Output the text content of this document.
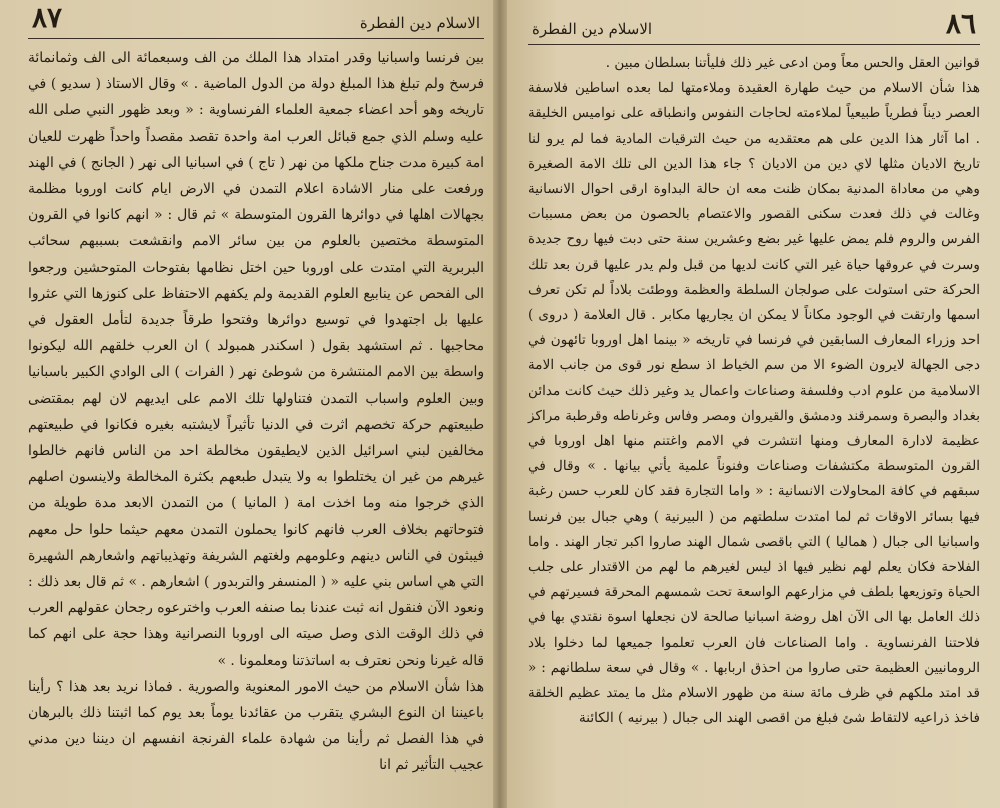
الاسلام دين الفطرة
٨٧

بين فرنسا واسبانيا وقدر امتداد هذا الملك من الف وسبعمائة الى الف وثمانمائة فرسخ ولم تبلغ هذا المبلغ دولة من الدول الماضية . » وقال الاستاذ ( سديو ) في تاريخه وهو أحد اعضاء جمعية العلماء الفرنساوية : « وبعد ظهور النبي صلى الله عليه وسلم الذي جمع قبائل العرب امة واحدة تقصد مقصداً واحداً ظهرت للعيان امة كبيرة مدت جناح ملكها من نهر ( تاج ) في اسبانيا الى نهر ( الجانج ) في الهند ورفعت على منار الاشادة اعلام التمدن في الارض ايام كانت اوروبا مظلمة بجهالات اهلها في دوائرها القرون المتوسطة » ثم قال : « انهم كانوا في القرون المتوسطة مختصين بالعلوم من بين سائر الامم وانقشعت بسببهم سحائب البربرية التي امتدت على اوروبا حين اختل نظامها بفتوحات المتوحشين ورجعوا الى الفحص عن ينابيع العلوم القديمة ولم يكفهم الاحتفاظ على كنوزها التي عثروا عليها بل اجتهدوا في توسيع دوائرها وفتحوا طرقاً جديدة لتأمل العقول في محاجبها . ثم استشهد بقول ( اسكندر همبولد ) ان العرب خلقهم الله ليكونوا واسطة بين الامم المنتشرة من شوطئ نهر ( الفرات ) الى الوادي الكبير باسبانيا وبين العلوم واسباب التمدن فتناولها تلك الامم على ايديهم لان لهم بمقتضى طبيعتهم حركة تخصهم اثرت في الدنيا تأثيراً لايشتبه بغيره فكانوا في طبيعتهم مخالفين لبني اسرائيل الذين لايطيقون مخالطة احد من الناس فانهم خالطوا غيرهم من غير ان يختلطوا به ولا يتبدل طبعهم بكثرة المخالطة ولاينسون اصلهم الذي خرجوا منه وما اخذت امة ( المانيا ) من التمدن الابعد مدة طويلة من فتوحاتهم بخلاف العرب فانهم كانوا يحملون التمدن معهم حيثما حلوا حل معهم فيبثون في الناس دينهم وعلومهم ولغتهم الشريفة وتهذيباتهم واشعارهم الشهيرة التي هي اساس بني عليه « ( المنسفر والتربدور ) اشعارهم . » ثم قال بعد ذلك : ونعود الآن فنقول انه ثبت عندنا بما صنفه العرب واخترعوه رجحان عقولهم العرب في ذلك الوقت الذى وصل صيته الى اوروبا النصرانية وهذا حجة على انهم كما قاله غيرنا ونحن نعترف به اساتذتنا ومعلمونا . »

هذا شأن الاسلام من حيث الامور المعنوية والصورية . فماذا نريد بعد هذا ؟ رأينا باعيننا ان النوع البشري يتقرب من عقائدنا يوماً بعد يوم كما اثبتنا ذلك بالبرهان في هذا الفصل ثم رأينا من شهادة علماء الفرنجة انفسهم ان ديننا دين مدني عجيب التأثير ثم انا

٨٦
الاسلام دين الفطرة

قوانين العقل والحس معاً ومن ادعى غير ذلك فليأتنا بسلطان مبين .

هذا شأن الاسلام من حيث طهارة العقيدة وملاءمتها لما بعده اساطين فلاسفة العصر ديناً فطرياً طبيعياً لملاءمته لحاجات النفوس وانطباقه على نواميس الخليقة . اما آثار هذا الدين على هم معتقديه من حيث الترقيات المادية فما لم يرو لنا تاريخ الاديان مثلها لاي دين من الاديان ؟ جاء هذا الدين الى تلك الامة الصغيرة وهي من معاداة المدنية بمكان ظنت معه ان حالة البداوة ارقى احوال الانسانية وغالت في ذلك فعدت سكنى القصور والاعتصام بالحصون من بعض مسببات الفرس والروم فلم يمض عليها غير بضع وعشرين سنة حتى دبت فيها روح جديدة وسرت في عروقها حياة غير التي كانت لديها من قبل ولم يدر عليها قرن بعد تلك الحركة حتى استولت على صولجان السلطة والعظمة ووطئت بلاداً لم تكن تعرف اسمها وارتقت في الوجود مكاناً لا يمكن ان يجاريها مكابر . قال العلامة ( دروى ) احد وزراء المعارف السابقين في فرنسا في تاريخه « بينما اهل اوروبا تائهون في دجى الجهالة لايرون الضوء الا من سم الخياط اذ سطع نور قوى من جانب الامة الاسلامية من علوم ادب وفلسفة وصناعات واعمال يد وغير ذلك حيث كانت مدائن بغداد والبصرة وسمرقند ودمشق والقيروان ومصر وفاس وغرناطه وقرطبة مراكز عظيمة لادارة المعارف ومنها انتشرت في الامم واغتنم منها اهل اوروبا في القرون المتوسطة مكتشفات وصناعات وفنوناً علمية يأتي بيانها . » وقال في سبقهم في كافة المحاولات الانسانية : « واما التجارة فقد كان للعرب حسن رغبة فيها بسائر الاوقات ثم لما امتدت سلطتهم من ( البيرنية ) وهي جبال بين فرنسا واسبانيا الى جبال ( هماليا ) التي باقصى شمال الهند صاروا اكبر تجار الهند . واما الفلاحة فكان يعلم لهم نظير فيها اذ ليس لغيرهم ما لهم من الاقتدار على جلب الحياة وتوزيعها بلطف في مزارعهم الواسعة تحت شمسهم المحرقة فسيرتهم في ذلك العامل بها الى الآن اهل روضة اسبانيا صالحة لان نجعلها اسوة نقتدي بها في فلاحتنا الفرنساوية . واما الصناعات فان العرب تعلموا جميعها لما دخلوا بلاد الرومانيين العظيمة حتى صاروا من احذق اربابها . » وقال في سعة سلطانهم : « قد امتد ملكهم في ظرف مائة سنة من ظهور الاسلام مثل ما يمتد عظيم الخلقة فاخذ ذراعيه لالتقاط شئ فبلغ من اقصى الهند الى جبال ( بيرنيه ) الكائنة
